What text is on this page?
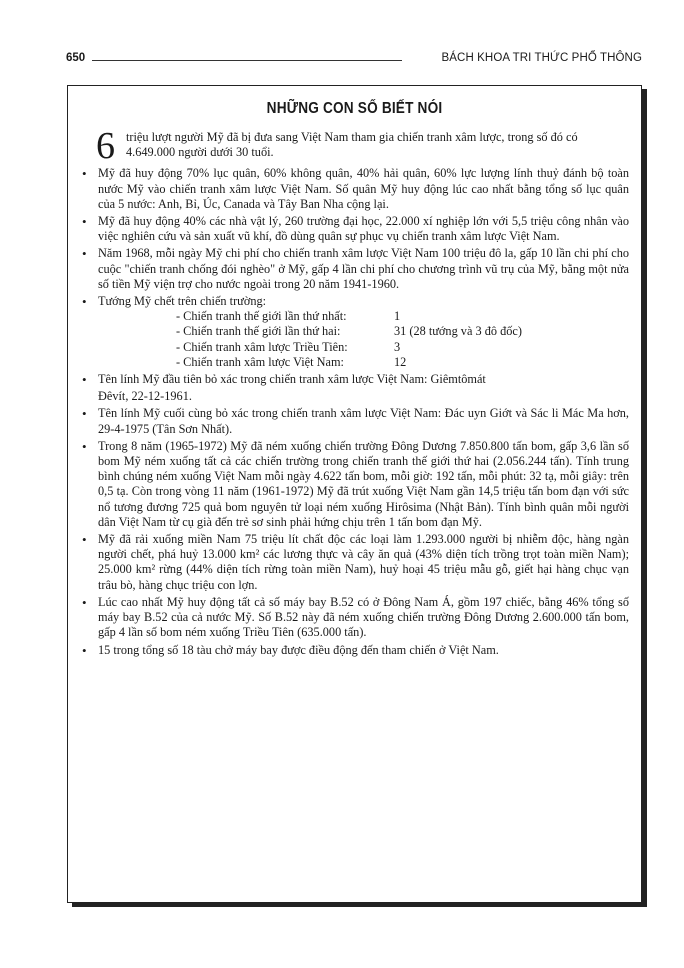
650	BÁCH KHOA TRI THỨC PHỔ THÔNG
NHỮNG CON SỐ BIẾT NÓI
6 triệu lượt người Mỹ đã bị đưa sang Việt Nam tham gia chiến tranh xâm lược, trong số đó có 4.649.000 người dưới 30 tuổi.
• Mỹ đã huy động 70% lục quân, 60% không quân, 40% hải quân, 60% lực lượng lính thuỷ đánh bộ toàn nước Mỹ vào chiến tranh xâm lược Việt Nam. Số quân Mỹ huy động lúc cao nhất bằng tổng số lục quân của 5 nước: Anh, Bỉ, Úc, Canada và Tây Ban Nha cộng lại.
• Mỹ đã huy động 40% các nhà vật lý, 260 trường đại học, 22.000 xí nghiệp lớn với 5,5 triệu công nhân vào việc nghiên cứu và sản xuất vũ khí, đồ dùng quân sự phục vụ chiến tranh xâm lược Việt Nam.
• Năm 1968, mỗi ngày Mỹ chi phí cho chiến tranh xâm lược Việt Nam 100 triệu đô la, gấp 10 lần chi phí cho cuộc "chiến tranh chống đói nghèo" ở Mỹ, gấp 4 lần chi phí cho chương trình vũ trụ của Mỹ, bằng một nửa số tiền Mỹ viện trợ cho nước ngoài trong 20 năm 1941-1960.
• Tướng Mỹ chết trên chiến trường:
- Chiến tranh thế giới lần thứ nhất:	1
- Chiến tranh thế giới lần thứ hai:	31 (28 tướng và 3 đô đốc)
- Chiến tranh xâm lược Triều Tiên:	3
- Chiến tranh xâm lược Việt Nam:	12
• Tên lính Mỹ đầu tiên bỏ xác trong chiến tranh xâm lược Việt Nam: Giêmtômát
Đêvít, 22-12-1961.
• Tên lính Mỹ cuối cùng bỏ xác trong chiến tranh xâm lược Việt Nam: Đác uyn Giớt và Sác li Mác Ma hơn, 29-4-1975 (Tân Sơn Nhất).
• Trong 8 năm (1965-1972) Mỹ đã ném xuống chiến trường Đông Dương 7.850.800 tấn bom, gấp 3,6 lần số bom Mỹ ném xuống tất cả các chiến trường trong chiến tranh thế giới thứ hai (2.056.244 tấn). Tính trung bình chúng ném xuống Việt Nam mỗi ngày 4.622 tấn bom, mỗi giờ: 192 tấn, mỗi phút: 32 tạ, mỗi giây: trên 0,5 tạ. Còn trong vòng 11 năm (1961-1972) Mỹ đã trút xuống Việt Nam gần 14,5 triệu tấn bom đạn với sức nổ tương đương 725 quả bom nguyên tử loại ném xuống Hirôsima (Nhật Bản). Tính bình quân mỗi người dân Việt Nam từ cụ già đến trẻ sơ sinh phải hứng chịu trên 1 tấn bom đạn Mỹ.
• Mỹ đã rải xuống miền Nam 75 triệu lít chất độc các loại làm 1.293.000 người bị nhiễm độc, hàng ngàn người chết, phá huỷ 13.000 km² các lương thực và cây ăn quả (43% diện tích trồng trọt toàn miền Nam); 25.000 km² rừng (44% diện tích rừng toàn miền Nam), huỷ hoại 45 triệu mẫu gỗ, giết hại hàng chục vạn trâu bò, hàng chục triệu con lợn.
• Lúc cao nhất Mỹ huy động tất cả số máy bay B.52 có ở Đông Nam Á, gồm 197 chiếc, bằng 46% tổng số máy bay B.52 của cả nước Mỹ. Số B.52 này đã ném xuống chiến trường Đông Dương 2.600.000 tấn bom, gấp 4 lần số bom ném xuống Triều Tiên (635.000 tấn).
• 15 trong tổng số 18 tàu chở máy bay được điều động đến tham chiến ở Việt Nam.
